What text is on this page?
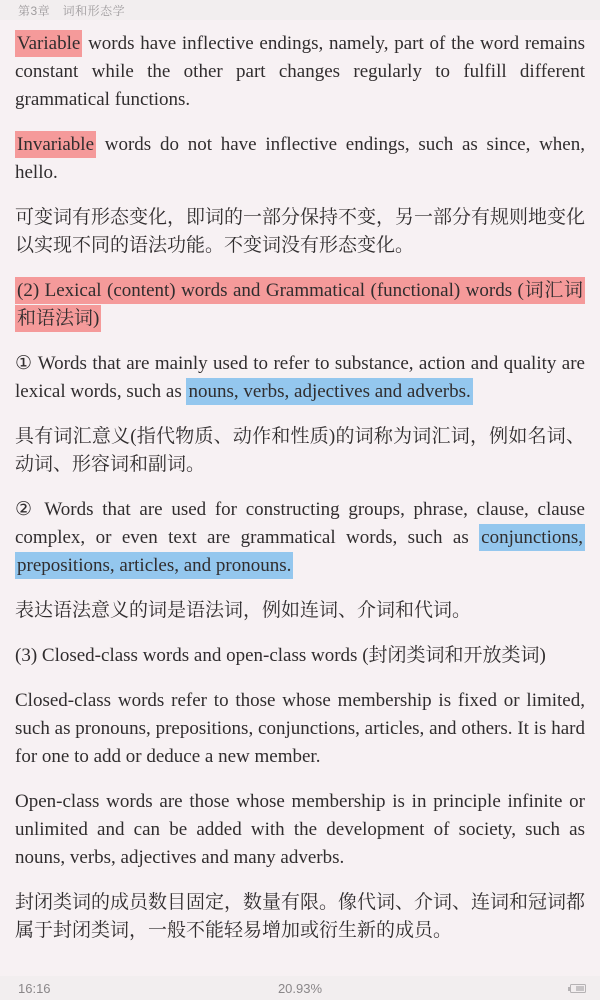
第3章　词和形态学

Variable words have inflective endings, namely, part of the word remains constant while the other part changes regularly to fulfill different grammatical functions.

Invariable words do not have inflective endings, such as since, when, hello.

可变词有形态变化，即词的一部分保持不变，另一部分有规则地变化以实现不同的语法功能。不变词没有形态变化。

(2) Lexical (content) words and Grammatical (functional) words (词汇词和语法词)

① Words that are mainly used to refer to substance, action and quality are lexical words, such as nouns, verbs, adjectives and adverbs.

具有词汇意义(指代物质、动作和性质)的词称为词汇词，例如名词、动词、形容词和副词。

② Words that are used for constructing groups, phrase, clause, clause complex, or even text are grammatical words, such as conjunctions, prepositions, articles, and pronouns.

表达语法意义的词是语法词，例如连词、介词和代词。

(3) Closed-class words and open-class words (封闭类词和开放类词)

Closed-class words refer to those whose membership is fixed or limited, such as pronouns, prepositions, conjunctions, articles, and others. It is hard for one to add or deduce a new member.

Open-class words are those whose membership is in principle infinite or unlimited and can be added with the development of society, such as nouns, verbs, adjectives and many adverbs.

封闭类词的成员数目固定，数量有限。像代词、介词、连词和冠词都属于封闭类词，一般不能轻易增加或衍生新的成员。

16:16	20.93%
